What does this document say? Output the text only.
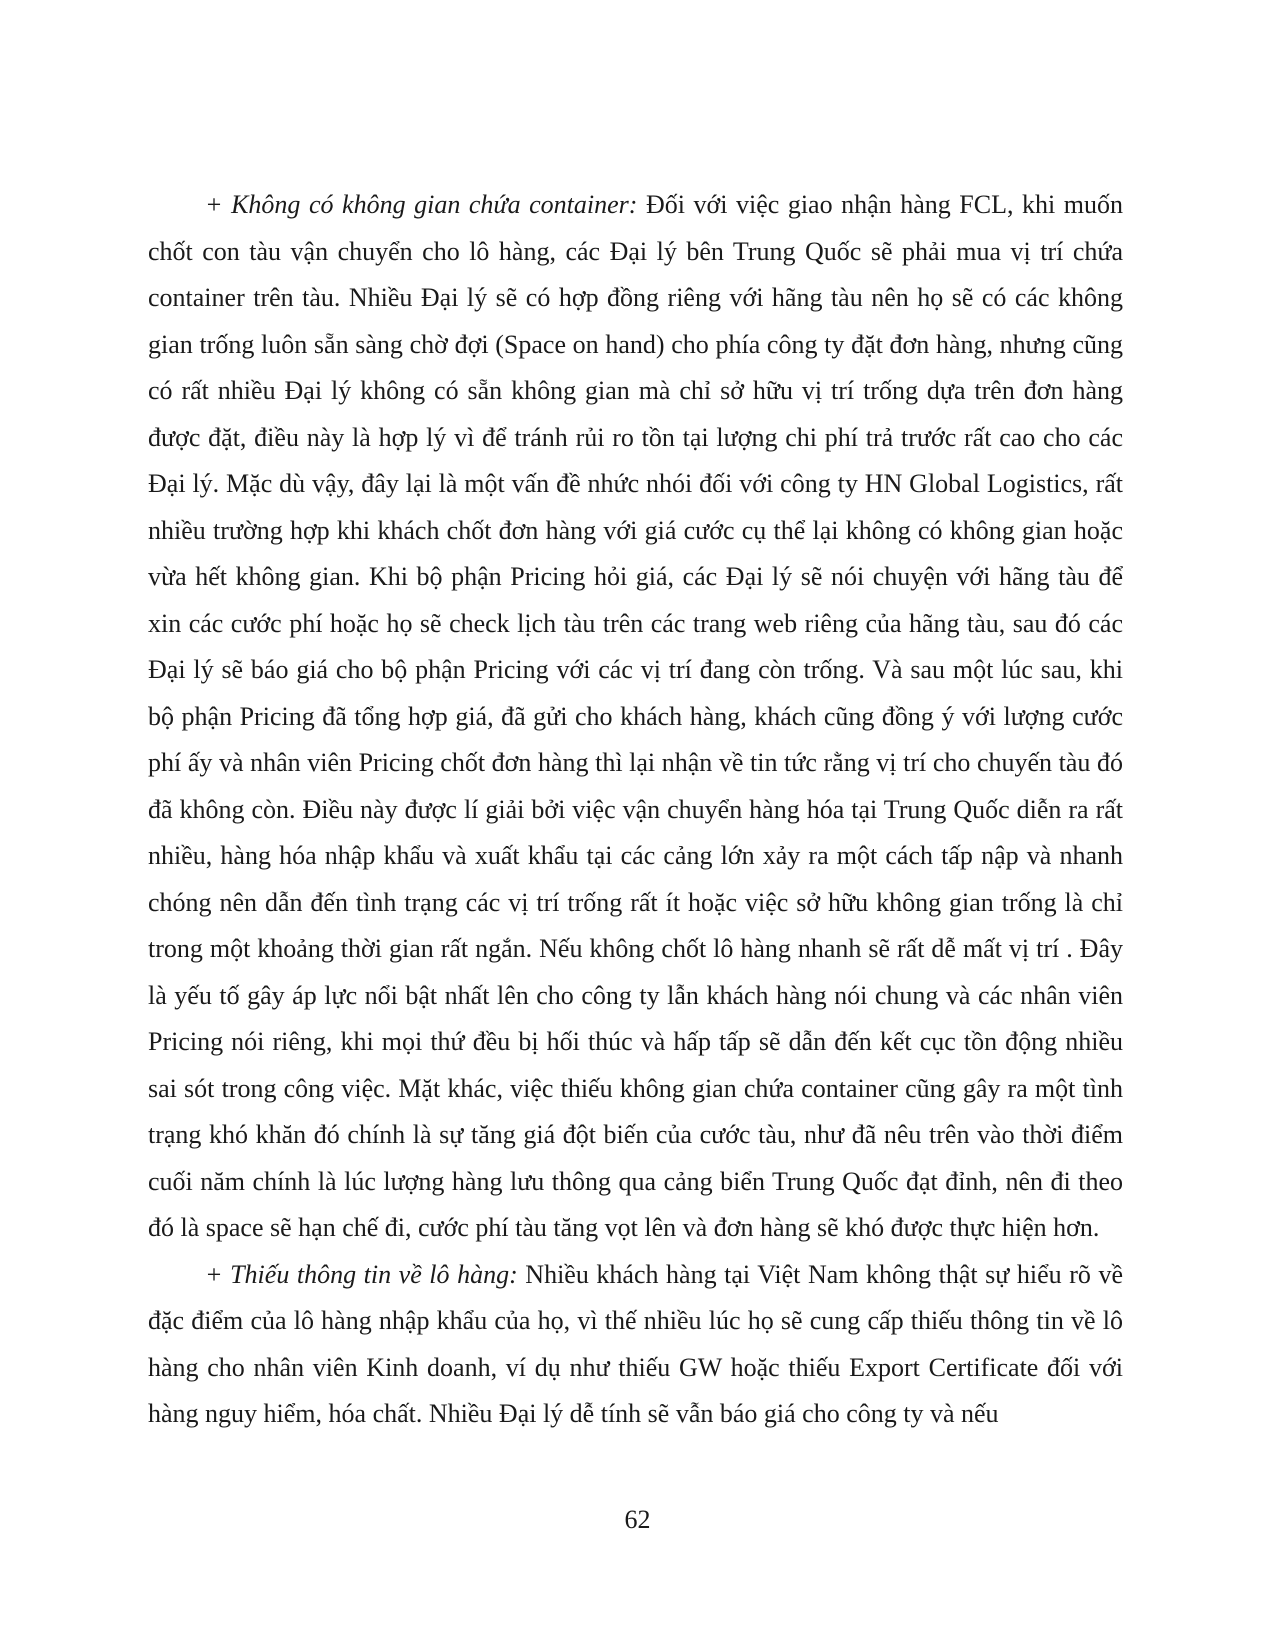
+ Không có không gian chứa container: Đối với việc giao nhận hàng FCL, khi muốn chốt con tàu vận chuyển cho lô hàng, các Đại lý bên Trung Quốc sẽ phải mua vị trí chứa container trên tàu. Nhiều Đại lý sẽ có hợp đồng riêng với hãng tàu nên họ sẽ có các không gian trống luôn sẵn sàng chờ đợi (Space on hand) cho phía công ty đặt đơn hàng, nhưng cũng có rất nhiều Đại lý không có sẵn không gian mà chỉ sở hữu vị trí trống dựa trên đơn hàng được đặt, điều này là hợp lý vì để tránh rủi ro tồn tại lượng chi phí trả trước rất cao cho các Đại lý. Mặc dù vậy, đây lại là một vấn đề nhức nhói đối với công ty HN Global Logistics, rất nhiều trường hợp khi khách chốt đơn hàng với giá cước cụ thể lại không có không gian hoặc vừa hết không gian. Khi bộ phận Pricing hỏi giá, các Đại lý sẽ nói chuyện với hãng tàu để xin các cước phí hoặc họ sẽ check lịch tàu trên các trang web riêng của hãng tàu, sau đó các Đại lý sẽ báo giá cho bộ phận Pricing với các vị trí đang còn trống. Và sau một lúc sau, khi bộ phận Pricing đã tổng hợp giá, đã gửi cho khách hàng, khách cũng đồng ý với lượng cước phí ấy và nhân viên Pricing chốt đơn hàng thì lại nhận về tin tức rằng vị trí cho chuyến tàu đó đã không còn. Điều này được lí giải bởi việc vận chuyển hàng hóa tại Trung Quốc diễn ra rất nhiều, hàng hóa nhập khẩu và xuất khẩu tại các cảng lớn xảy ra một cách tấp nập và nhanh chóng nên dẫn đến tình trạng các vị trí trống rất ít hoặc việc sở hữu không gian trống là chỉ trong một khoảng thời gian rất ngắn. Nếu không chốt lô hàng nhanh sẽ rất dễ mất vị trí . Đây là yếu tố gây áp lực nổi bật nhất lên cho công ty lẫn khách hàng nói chung và các nhân viên Pricing nói riêng, khi mọi thứ đều bị hối thúc và hấp tấp sẽ dẫn đến kết cục tồn động nhiều sai sót trong công việc. Mặt khác, việc thiếu không gian chứa container cũng gây ra một tình trạng khó khăn đó chính là sự tăng giá đột biến của cước tàu, như đã nêu trên vào thời điểm cuối năm chính là lúc lượng hàng lưu thông qua cảng biển Trung Quốc đạt đỉnh, nên đi theo đó là space sẽ hạn chế đi, cước phí tàu tăng vọt lên và đơn hàng sẽ khó được thực hiện hơn.

+ Thiếu thông tin về lô hàng: Nhiều khách hàng tại Việt Nam không thật sự hiểu rõ về đặc điểm của lô hàng nhập khẩu của họ, vì thế nhiều lúc họ sẽ cung cấp thiếu thông tin về lô hàng cho nhân viên Kinh doanh, ví dụ như thiếu GW hoặc thiếu Export Certificate đối với hàng nguy hiểm, hóa chất. Nhiều Đại lý dễ tính sẽ vẫn báo giá cho công ty và nếu

62
